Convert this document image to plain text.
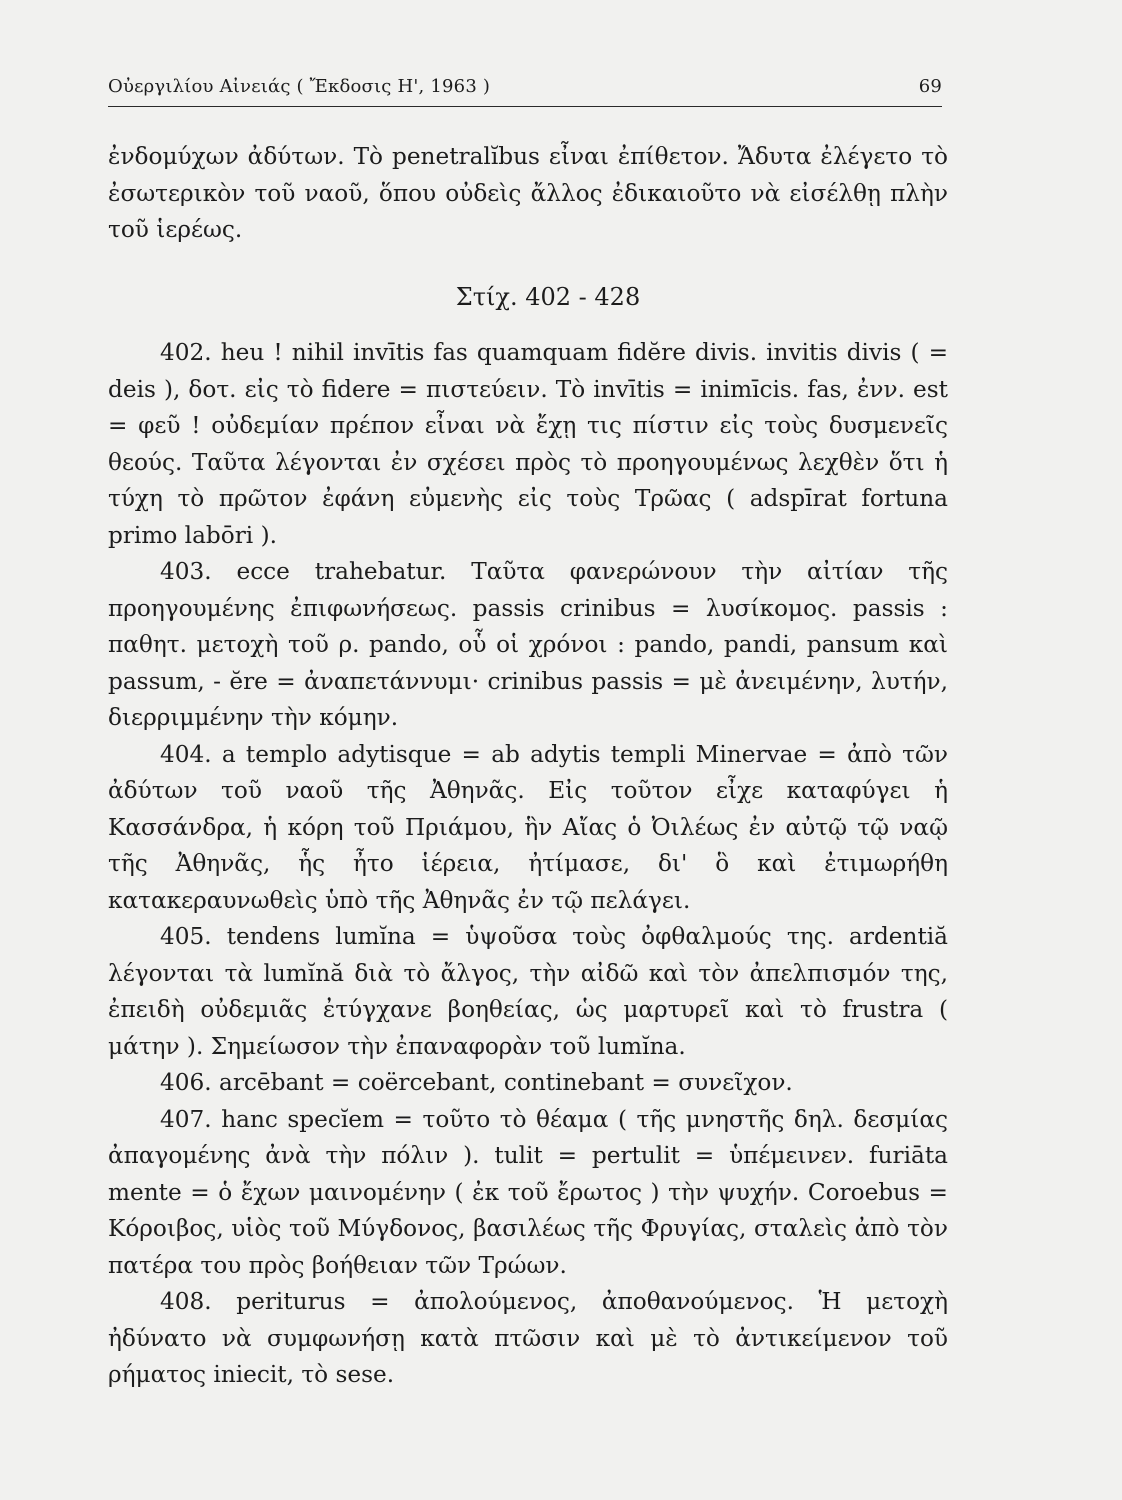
Οὐεργιλίου Αἰνειάς ( Ἔκδοσις Η', 1963 )	69

ἐνδομύχων ἀδύτων. Τὸ penetralĭbus εἶναι ἐπίθετον. Ἄδυτα ἐλέγετο τὸ ἐσωτερικὸν τοῦ ναοῦ, ὅπου οὐδεὶς ἄλλος ἐδικαιοῦτο νὰ εἰσέλθῃ πλὴν τοῦ ἱερέως.

Στίχ. 402 - 428

402. heu ! nihil invītis fas quamquam fidĕre divis. invitis divis ( = deis ), δοτ. εἰς τὸ fidere = πιστεύειν. Τὸ invītis = inimīcis. fas, ἐνν. est = φεῦ ! οὐδεμίαν πρέπον εἶναι νὰ ἔχῃ τις πίστιν εἰς τοὺς δυσμενεῖς θεούς. Ταῦτα λέγονται ἐν σχέσει πρὸς τὸ προηγουμένως λεχθὲν ὅτι ἡ τύχη τὸ πρῶτον ἐφάνη εὐμενὴς εἰς τοὺς Τρῶας ( adspīrat fortuna primo labōri ).

403. ecce trahebatur. Ταῦτα φανερώνουν τὴν αἰτίαν τῆς προηγουμένης ἐπιφωνήσεως. passis crinibus = λυσίκομος. passis : παθητ. μετοχὴ τοῦ ρ. pando, οὗ οἱ χρόνοι : pando, pandi, pansum καὶ passum, - ĕre = ἀναπετάννυμι· crinibus passis = μὲ ἀνειμένην, λυτήν, διερριμμένην τὴν κόμην.

404. a templo adytisque = ab adytis templi Minervae = ἀπὸ τῶν ἀδύτων τοῦ ναοῦ τῆς Ἀθηνᾶς. Εἰς τοῦτον εἶχε καταφύγει ἡ Κασσάνδρα, ἡ κόρη τοῦ Πριάμου, ἣν Αἴας ὁ Ὀιλέως ἐν αὐτῷ τῷ ναῷ τῆς Ἀθηνᾶς, ἧς ἦτο ἱέρεια, ἠτίμασε, δι' ὃ καὶ ἐτιμωρήθη κατακεραυνωθεὶς ὑπὸ τῆς Ἀθηνᾶς ἐν τῷ πελάγει.

405. tendens lumĭna = ὑψοῦσα τοὺς ὀφθαλμούς της. ardentiă λέγονται τὰ lumĭnă διὰ τὸ ἄλγος, τὴν αἰδῶ καὶ τὸν ἀπελπισμόν της, ἐπειδὴ οὐδεμιᾶς ἐτύγχανε βοηθείας, ὡς μαρτυρεῖ καὶ τὸ frustra ( μάτην ). Σημείωσον τὴν ἐπαναφορὰν τοῦ lumĭna.

406. arcēbant = coërcebant, continebant = συνεῖχον.

407. hanc specĭem = τοῦτο τὸ θέαμα ( τῆς μνηστῆς δηλ. δεσμίας ἀπαγομένης ἀνὰ τὴν πόλιν ). tulit = pertulit = ὑπέμεινεν. furiāta mente = ὁ ἔχων μαινομένην ( ἐκ τοῦ ἔρωτος ) τὴν ψυχήν. Coroebus = Κόροιβος, υἱὸς τοῦ Μύγδονος, βασιλέως τῆς Φρυγίας, σταλεὶς ἀπὸ τὸν πατέρα του πρὸς βοήθειαν τῶν Τρώων.

408. periturus = ἀπολούμενος, ἀποθανούμενος. Ἡ μετοχὴ ἠδύνατο νὰ συμφωνήσῃ κατὰ πτῶσιν καὶ μὲ τὸ ἀντικείμενον τοῦ ρήματος iniecit, τὸ sese.
